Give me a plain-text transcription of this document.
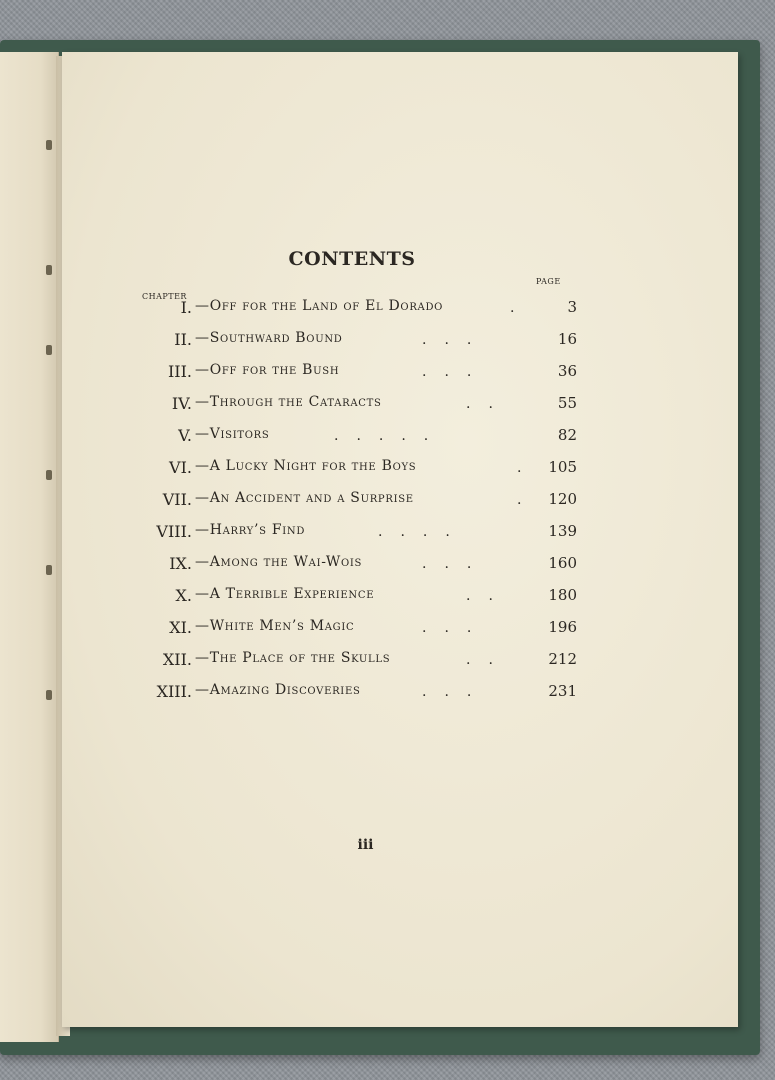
CONTENTS
CHAPTER
PAGE
I. —Off for the Land of El Dorado	.	3
II. —Southward Bound	...	16
III. —Off for the Bush	...	36
IV. —Through the Cataracts	..	55
V. —Visitors	.....	82
VI. —A Lucky Night for the Boys	. 105
VII. —An Accident and a Surprise	. 120
VIII. —Harry’s Find	....	139
IX. —Among the Wai-Wois	...	160
X. —A Terrible Experience	..	180
XI. —White Men’s Magic	...	196
XII. —The Place of the Skulls	..	212
XIII. —Amazing Discoveries	...	231
iii
